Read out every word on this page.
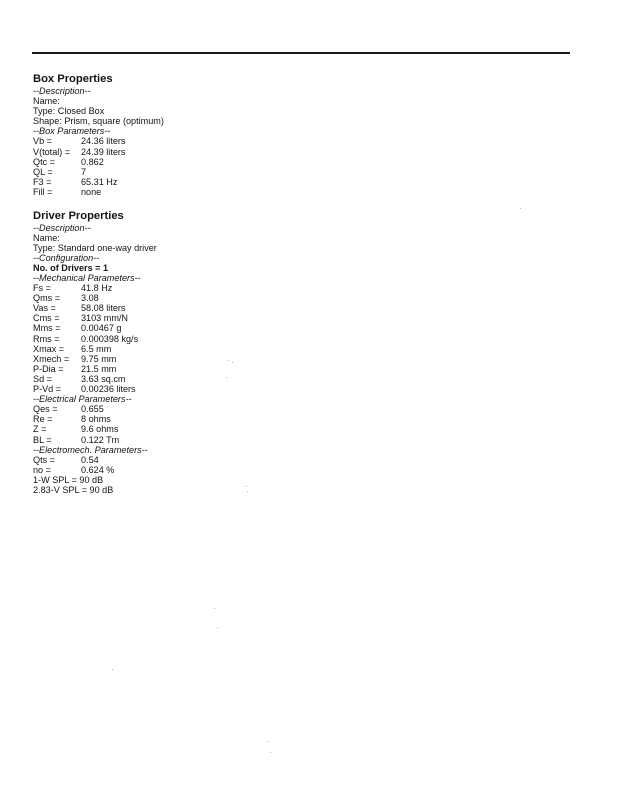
Box Properties
--Description--
Name:
Type: Closed Box
Shape: Prism, square (optimum)
--Box Parameters--
Vb =	24.36 liters
V(total) =	24.39 liters
Qtc =	0.862
QL =	7
F3 =	65.31 Hz
Fill =	none
Driver Properties
--Description--
Name:
Type: Standard one-way driver
--Configuration--
No. of Drivers = 1
--Mechanical Parameters--
Fs =	41.8 Hz
Qms =	3.08
Vas =	58.08 liters
Cms =	3103 mm/N
Mms =	0.00467 g
Rms =	0.000398 kg/s
Xmax =	6.5 mm
Xmech =	9.75 mm
P-Dia =	21.5 mm
Sd =	3.63 sq.cm
P-Vd =	0.00236 liters
--Electrical Parameters--
Qes =	0.655
Re =	8 ohms
Z =	9.6 ohms
BL =	0.122 Tm
--Electromech. Parameters--
Qts =	0.54
no =	0.624 %
1-W SPL = 90 dB
2.83-V SPL = 90 dB
